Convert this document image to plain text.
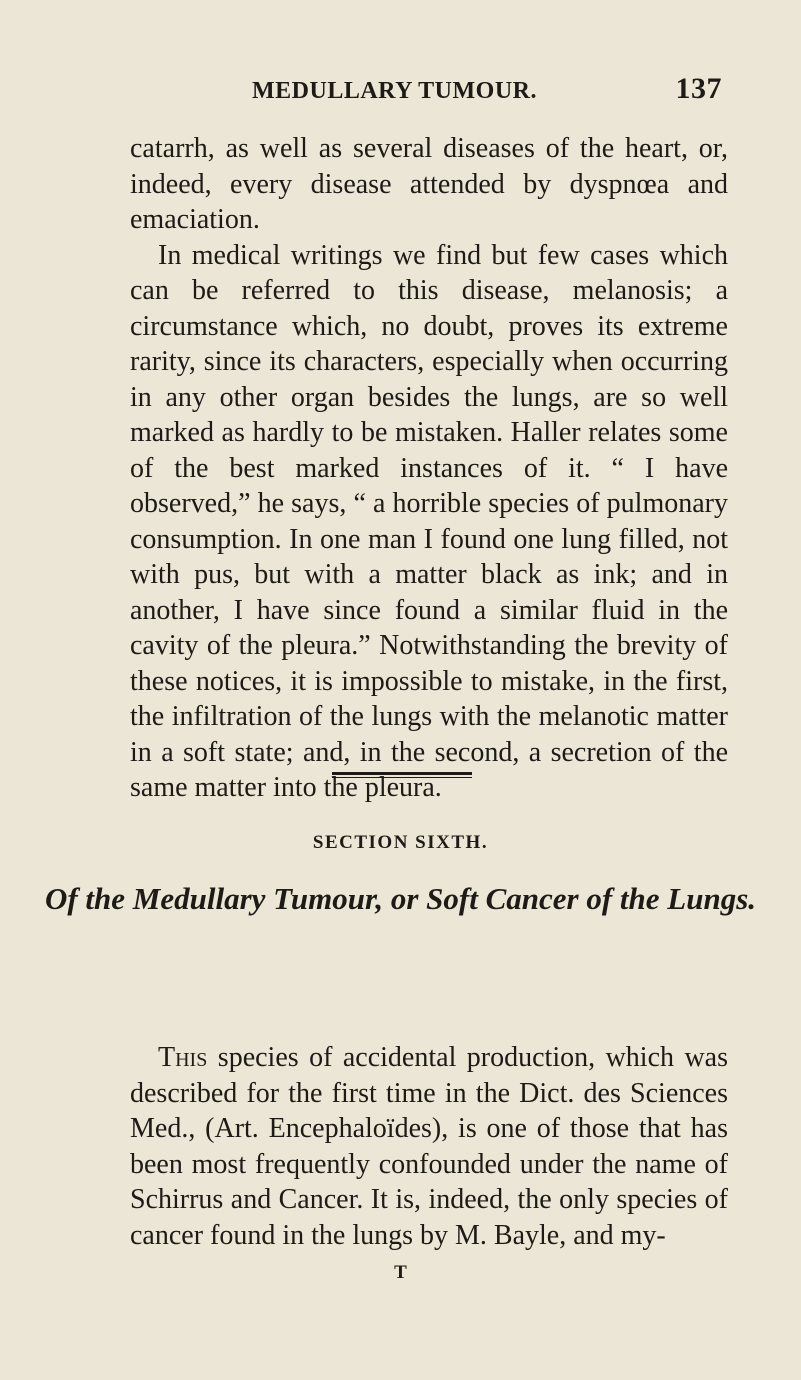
MEDULLARY TUMOUR.	137

catarrh, as well as several diseases of the heart, or, indeed, every disease attended by dyspnœa and emaciation.

In medical writings we find but few cases which can be referred to this disease, melanosis; a circumstance which, no doubt, proves its extreme rarity, since its characters, especially when occurring in any other organ besides the lungs, are so well marked as hardly to be mistaken. Haller relates some of the best marked instances of it. “ I have observed,” he says, “ a horrible species of pulmonary consumption. In one man I found one lung filled, not with pus, but with a matter black as ink; and in another, I have since found a similar fluid in the cavity of the pleura.” Notwithstanding the brevity of these notices, it is impossible to mistake, in the first, the infiltration of the lungs with the melanotic matter in a soft state; and, in the second, a secretion of the same matter into the pleura.

SECTION SIXTH.
Of the Medullary Tumour, or Soft Cancer of the Lungs.

This species of accidental production, which was described for the first time in the Dict. des Sciences Med., (Art. Encephaloïdes), is one of those that has been most frequently confounded under the name of Schirrus and Cancer. It is, indeed, the only species of cancer found in the lungs by M. Bayle, and my-

T
